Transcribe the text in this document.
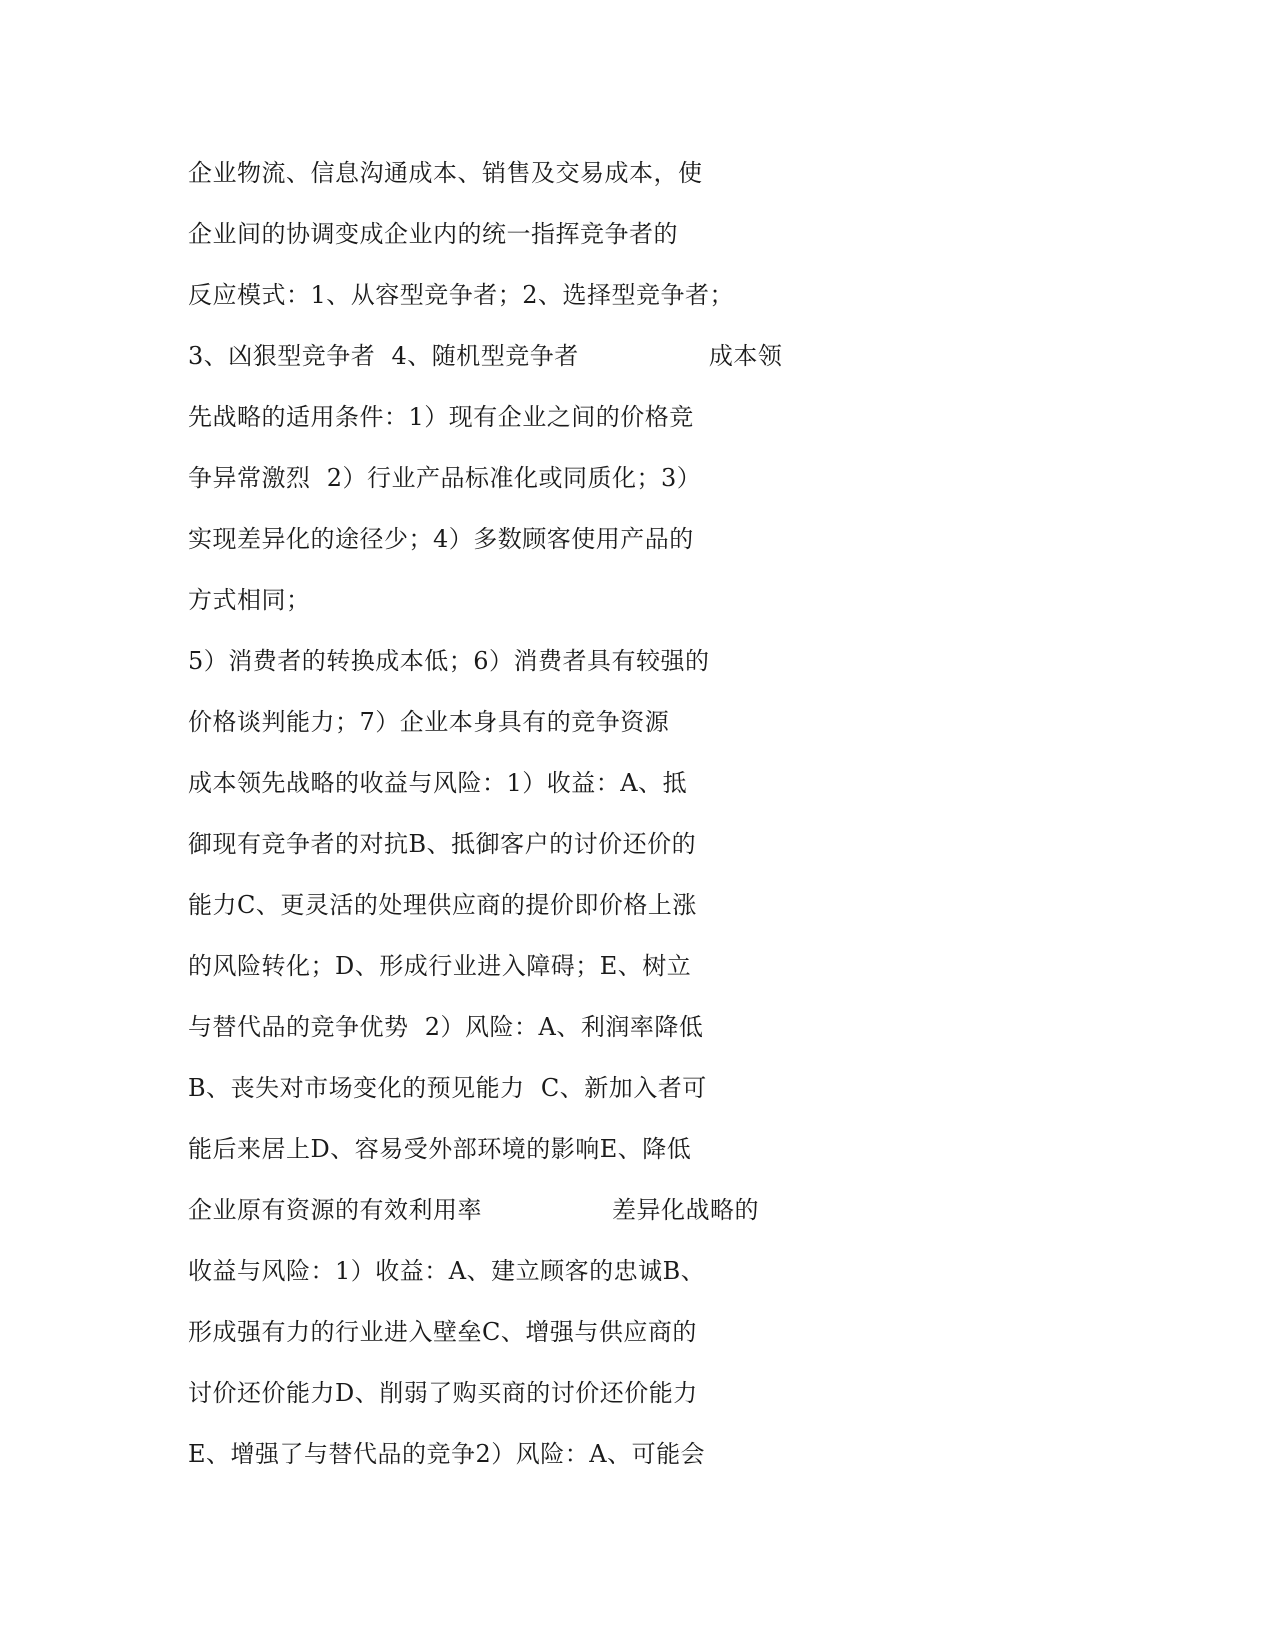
企业物流、信息沟通成本、销售及交易成本，使
企业间的协调变成企业内的统一指挥竞争者的
反应模式：1、从容型竞争者；2、选择型竞争者；
3、凶狠型竞争者  4、随机型竞争者                成本领
先战略的适用条件：1）现有企业之间的价格竞
争异常激烈  2）行业产品标准化或同质化；3）
实现差异化的途径少；4）多数顾客使用产品的
方式相同；
5）消费者的转换成本低；6）消费者具有较强的
价格谈判能力；7）企业本身具有的竞争资源
成本领先战略的收益与风险：1）收益：A、抵
御现有竞争者的对抗B、抵御客户的讨价还价的
能力C、更灵活的处理供应商的提价即价格上涨
的风险转化；D、形成行业进入障碍；E、树立
与替代品的竞争优势  2）风险：A、利润率降低
B、丧失对市场变化的预见能力  C、新加入者可
能后来居上D、容易受外部环境的影响E、降低
企业原有资源的有效利用率                差异化战略的
收益与风险：1）收益：A、建立顾客的忠诚B、
形成强有力的行业进入壁垒C、增强与供应商的
讨价还价能力D、削弱了购买商的讨价还价能力
E、增强了与替代品的竞争2）风险：A、可能会
